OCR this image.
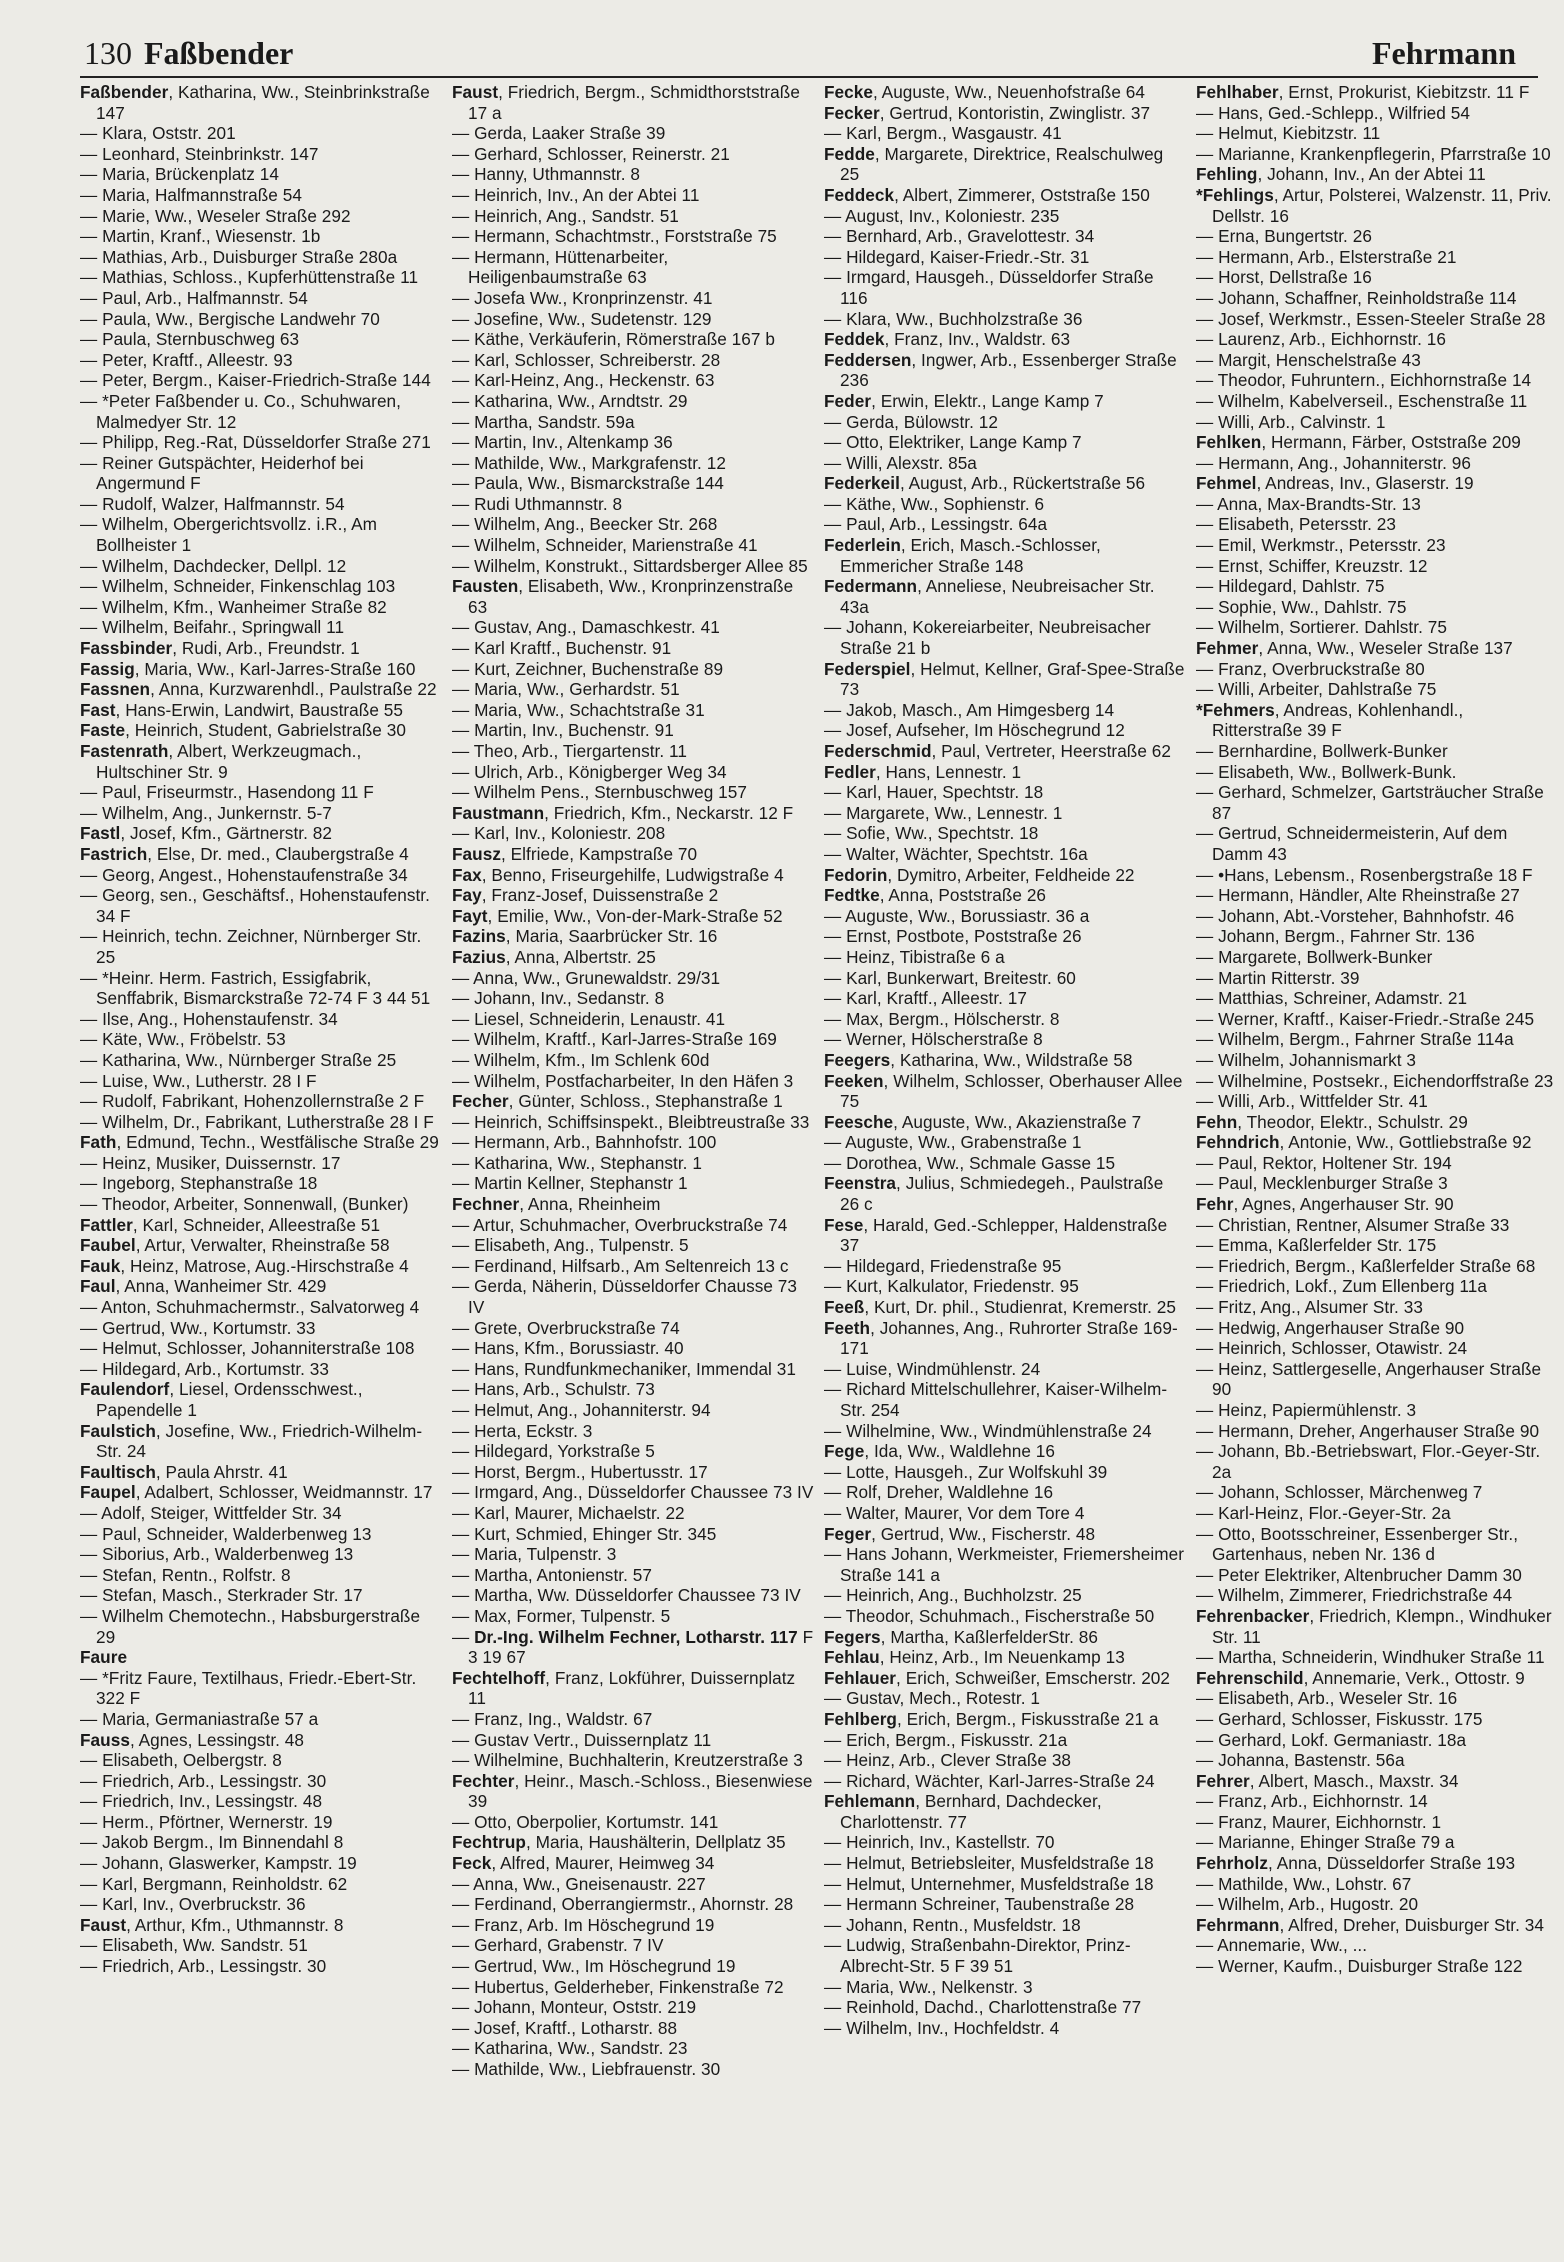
130 Faßbender	Fehrmann

Faßbender, Katharina, Ww., Steinbrinkstraße 147

— Klara, Oststr. 201

— Leonhard, Steinbrinkstr. 147

— Maria, Brückenplatz 14

— Maria, Halfmannstraße 54

— Marie, Ww., Weseler Straße 292

— Martin, Kranf., Wiesenstr. 1b

— Mathias, Arb., Duisburger Straße 280a

— Mathias, Schloss., Kupferhüttenstraße 11

— Paul, Arb., Halfmannstr. 54

— Paula, Ww., Bergische Landwehr 70

— Paula, Sternbuschweg 63

— Peter, Kraftf., Alleestr. 93

— Peter, Bergm., Kaiser-Friedrich-Straße 144

— *Peter Faßbender u. Co., Schuhwaren, Malmedyer Str. 12

— Philipp, Reg.-Rat, Düsseldorfer Straße 271

— Reiner Gutspächter, Heiderhof bei Angermund F

— Rudolf, Walzer, Halfmannstr. 54

— Wilhelm, Obergerichtsvollz. i.R., Am Bollheister 1

— Wilhelm, Dachdecker, Dellpl. 12

— Wilhelm, Schneider, Finkenschlag 103

— Wilhelm, Kfm., Wanheimer Straße 82

— Wilhelm, Beifahr., Springwall 11

Fassbinder, Rudi, Arb., Freundstr. 1

Fassig, Maria, Ww., Karl-Jarres-Straße 160

Fassnen, Anna, Kurzwarenhdl., Paulstraße 22

Fast, Hans-Erwin, Landwirt, Baustraße 55

Faste, Heinrich, Student, Gabrielstraße 30

Fastenrath, Albert, Werkzeugmach., Hultschiner Str. 9

— Paul, Friseurmstr., Hasendong 11 F

— Wilhelm, Ang., Junkernstr. 5-7

Fastl, Josef, Kfm., Gärtnerstr. 82

Fastrich, Else, Dr. med., Claubergstraße 4

— Georg, Angest., Hohenstaufenstraße 34

— Georg, sen., Geschäftsf., Hohenstaufenstr. 34 F

— Heinrich, techn. Zeichner, Nürnberger Str. 25

— *Heinr. Herm. Fastrich, Essigfabrik, Senffabrik, Bismarckstraße 72-74 F 3 44 51

— Ilse, Ang., Hohenstaufenstr. 34

— Käte, Ww., Fröbelstr. 53

— Katharina, Ww., Nürnberger Straße 25

— Luise, Ww., Lutherstr. 28 I F

— Rudolf, Fabrikant, Hohenzollernstraße 2 F

— Wilhelm, Dr., Fabrikant, Lutherstraße 28 I F

Fath, Edmund, Techn., Westfälische Straße 29

— Heinz, Musiker, Duissernstr. 17

— Ingeborg, Stephanstraße 18

— Theodor, Arbeiter, Sonnenwall, (Bunker)

Fattler, Karl, Schneider, Alleestraße 51

Faubel, Artur, Verwalter, Rheinstraße 58

Fauk, Heinz, Matrose, Aug.-Hirschstraße 4

Faul, Anna, Wanheimer Str. 429

— Anton, Schuhmachermstr., Salvatorweg 4

— Gertrud, Ww., Kortumstr. 33

— Helmut, Schlosser, Johanniterstraße 108

— Hildegard, Arb., Kortumstr. 33

Faulendorf, Liesel, Ordensschwest., Papendelle 1

Faulstich, Josefine, Ww., Friedrich-Wilhelm-Str. 24

Faultisch, Paula Ahrstr. 41

Faupel, Adalbert, Schlosser, Weidmannstr. 17

— Adolf, Steiger, Wittfelder Str. 34

— Paul, Schneider, Walderbenweg 13

— Siborius, Arb., Walderbenweg 13

— Stefan, Rentn., Rolfstr. 8

— Stefan, Masch., Sterkrader Str. 17

— Wilhelm Chemotechn., Habsburgerstraße 29

Faure

— *Fritz Faure, Textilhaus, Friedr.-Ebert-Str. 322 F

— Maria, Germaniastraße 57 a

Fauss, Agnes, Lessingstr. 48

— Elisabeth, Oelbergstr. 8

— Friedrich, Arb., Lessingstr. 30

— Friedrich, Inv., Lessingstr. 48

— Herm., Pförtner, Wernerstr. 19

— Jakob Bergm., Im Binnendahl 8

— Johann, Glaswerker, Kampstr. 19

— Karl, Bergmann, Reinholdstr. 62

— Karl, Inv., Overbruckstr. 36

Faust, Arthur, Kfm., Uthmannstr. 8

— Elisabeth, Ww. Sandstr. 51

— Friedrich, Arb., Lessingstr. 30

Faust, Friedrich, Bergm., Schmidthorststraße 17 a

— Gerda, Laaker Straße 39

— Gerhard, Schlosser, Reinerstr. 21

— Hanny, Uthmannstr. 8

— Heinrich, Inv., An der Abtei 11

— Heinrich, Ang., Sandstr. 51

— Hermann, Schachtmstr., Forststraße 75

— Hermann, Hüttenarbeiter, Heiligenbaumstraße 63

— Josefa Ww., Kronprinzenstr. 41

— Josefine, Ww., Sudetenstr. 129

— Käthe, Verkäuferin, Römerstraße 167 b

— Karl, Schlosser, Schreiberstr. 28

— Karl-Heinz, Ang., Heckenstr. 63

— Katharina, Ww., Arndtstr. 29

— Martha, Sandstr. 59a

— Martin, Inv., Altenkamp 36

— Mathilde, Ww., Markgrafenstr. 12

— Paula, Ww., Bismarckstraße 144

— Rudi Uthmannstr. 8

— Wilhelm, Ang., Beecker Str. 268

— Wilhelm, Schneider, Marienstraße 41

— Wilhelm, Konstrukt., Sittardsberger Allee 85

Fausten, Elisabeth, Ww., Kronprinzenstraße 63

— Gustav, Ang., Damaschkestr. 41

— Karl Kraftf., Buchenstr. 91

— Kurt, Zeichner, Buchenstraße 89

— Maria, Ww., Gerhardstr. 51

— Maria, Ww., Schachtstraße 31

— Martin, Inv., Buchenstr. 91

— Theo, Arb., Tiergartenstr. 11

— Ulrich, Arb., Königberger Weg 34

— Wilhelm Pens., Sternbuschweg 157

Faustmann, Friedrich, Kfm., Neckarstr. 12 F

— Karl, Inv., Koloniestr. 208

Fausz, Elfriede, Kampstraße 70

Fax, Benno, Friseurgehilfe, Ludwigstraße 4

Fay, Franz-Josef, Duissenstraße 2

Fayt, Emilie, Ww., Von-der-Mark-Straße 52

Fazins, Maria, Saarbrücker Str. 16

Fazius, Anna, Albertstr. 25

— Anna, Ww., Grunewaldstr. 29/31

— Johann, Inv., Sedanstr. 8

— Liesel, Schneiderin, Lenaustr. 41

— Wilhelm, Kraftf., Karl-Jarres-Straße 169

— Wilhelm, Kfm., Im Schlenk 60d

— Wilhelm, Postfacharbeiter, In den Häfen 3

Fecher, Günter, Schloss., Stephanstraße 1

— Heinrich, Schiffsinspekt., Bleibtreustraße 33

— Hermann, Arb., Bahnhofstr. 100

— Katharina, Ww., Stephanstr. 1

— Martin Kellner, Stephanstr 1

Fechner, Anna, Rheinheim

— Artur, Schuhmacher, Overbruckstraße 74

— Elisabeth, Ang., Tulpenstr. 5

— Ferdinand, Hilfsarb., Am Seltenreich 13 c

— Gerda, Näherin, Düsseldorfer Chausse 73 IV

— Grete, Overbruckstraße 74

— Hans, Kfm., Borussiastr. 40

— Hans, Rundfunkmechaniker, Immendal 31

— Hans, Arb., Schulstr. 73

— Helmut, Ang., Johanniterstr. 94

— Herta, Eckstr. 3

— Hildegard, Yorkstraße 5

— Horst, Bergm., Hubertusstr. 17

— Irmgard, Ang., Düsseldorfer Chaussee 73 IV

— Karl, Maurer, Michaelstr. 22

— Kurt, Schmied, Ehinger Str. 345

— Maria, Tulpenstr. 3

— Martha, Antonienstr. 57

— Martha, Ww. Düsseldorfer Chaussee 73 IV

— Max, Former, Tulpenstr. 5

— Dr.-Ing. Wilhelm Fechner, Lotharstr. 117 F 3 19 67

Fechtelhoff, Franz, Lokführer, Duissernplatz 11

— Franz, Ing., Waldstr. 67

— Gustav Vertr., Duissernplatz 11

— Wilhelmine, Buchhalterin, Kreutzerstraße 3

Fechter, Heinr., Masch.-Schloss., Biesenwiese 39

— Otto, Oberpolier, Kortumstr. 141

Fechtrup, Maria, Haushälterin, Dellplatz 35

Feck, Alfred, Maurer, Heimweg 34

— Anna, Ww., Gneisenaustr. 227

— Ferdinand, Oberrangiermstr., Ahornstr. 28

— Franz, Arb. Im Höschegrund 19

— Gerhard, Grabenstr. 7 IV

— Gertrud, Ww., Im Höschegrund 19

— Hubertus, Gelderheber, Finkenstraße 72

— Johann, Monteur, Oststr. 219

— Josef, Kraftf., Lotharstr. 88

— Katharina, Ww., Sandstr. 23

— Mathilde, Ww., Liebfrauenstr. 30

Fecke, Auguste, Ww., Neuenhofstraße 64

Fecker, Gertrud, Kontoristin, Zwinglistr. 37

— Karl, Bergm., Wasgaustr. 41

Fedde, Margarete, Direktrice, Realschulweg 25

Feddeck, Albert, Zimmerer, Oststraße 150

— August, Inv., Koloniestr. 235

— Bernhard, Arb., Gravelottestr. 34

— Hildegard, Kaiser-Friedr.-Str. 31

— Irmgard, Hausgeh., Düsseldorfer Straße 116

— Klara, Ww., Buchholzstraße 36

Feddek, Franz, Inv., Waldstr. 63

Feddersen, Ingwer, Arb., Essenberger Straße 236

Feder, Erwin, Elektr., Lange Kamp 7

— Gerda, Bülowstr. 12

— Otto, Elektriker, Lange Kamp 7

— Willi, Alexstr. 85a

Federkeil, August, Arb., Rückertstraße 56

— Käthe, Ww., Sophienstr. 6

— Paul, Arb., Lessingstr. 64a

Federlein, Erich, Masch.-Schlosser, Emmericher Straße 148

Federmann, Anneliese, Neubreisacher Str. 43a

— Johann, Kokereiarbeiter, Neubreisacher Straße 21 b

Federspiel, Helmut, Kellner, Graf-Spee-Straße 73

— Jakob, Masch., Am Himgesberg 14

— Josef, Aufseher, Im Höschegrund 12

Federschmid, Paul, Vertreter, Heerstraße 62

Fedler, Hans, Lennestr. 1

— Karl, Hauer, Spechtstr. 18

— Margarete, Ww., Lennestr. 1

— Sofie, Ww., Spechtstr. 18

— Walter, Wächter, Spechtstr. 16a

Fedorin, Dymitro, Arbeiter, Feldheide 22

Fedtke, Anna, Poststraße 26

— Auguste, Ww., Borussiastr. 36 a

— Ernst, Postbote, Poststraße 26

— Heinz, Tibistraße 6 a

— Karl, Bunkerwart, Breitestr. 60

— Karl, Kraftf., Alleestr. 17

— Max, Bergm., Hölscherstr. 8

— Werner, Hölscherstraße 8

Feegers, Katharina, Ww., Wildstraße 58

Feeken, Wilhelm, Schlosser, Oberhauser Allee 75

Feesche, Auguste, Ww., Akazienstraße 7

— Auguste, Ww., Grabenstraße 1

— Dorothea, Ww., Schmale Gasse 15

Feenstra, Julius, Schmiedegeh., Paulstraße 26 c

Fese, Harald, Ged.-Schlepper, Haldenstraße 37

— Hildegard, Friedenstraße 95

— Kurt, Kalkulator, Friedenstr. 95

Feeß, Kurt, Dr. phil., Studienrat, Kremerstr. 25

Feeth, Johannes, Ang., Ruhrorter Straße 169-171

— Luise, Windmühlenstr. 24

— Richard Mittelschullehrer, Kaiser-Wilhelm-Str. 254

— Wilhelmine, Ww., Windmühlenstraße 24

Fege, Ida, Ww., Waldlehne 16

— Lotte, Hausgeh., Zur Wolfskuhl 39

— Rolf, Dreher, Waldlehne 16

— Walter, Maurer, Vor dem Tore 4

Feger, Gertrud, Ww., Fischerstr. 48

— Hans Johann, Werkmeister, Friemersheimer Straße 141 a

— Heinrich, Ang., Buchholzstr. 25

— Theodor, Schuhmach., Fischerstraße 50

Fegers, Martha, KaßlerfelderStr. 86

Fehlau, Heinz, Arb., Im Neuenkamp 13

Fehlauer, Erich, Schweißer, Emscherstr. 202

— Gustav, Mech., Rotestr. 1

Fehlberg, Erich, Bergm., Fiskusstraße 21 a

— Erich, Bergm., Fiskusstr. 21a

— Heinz, Arb., Clever Straße 38

— Richard, Wächter, Karl-Jarres-Straße 24

Fehlemann, Bernhard, Dachdecker, Charlottenstr. 77

— Heinrich, Inv., Kastellstr. 70

— Helmut, Betriebsleiter, Musfeldstraße 18

— Helmut, Unternehmer, Musfeldstraße 18

— Hermann Schreiner, Taubenstraße 28

— Johann, Rentn., Musfeldstr. 18

— Ludwig, Straßenbahn-Direktor, Prinz-Albrecht-Str. 5 F 39 51

— Maria, Ww., Nelkenstr. 3

— Reinhold, Dachd., Charlottenstraße 77

— Wilhelm, Inv., Hochfeldstr. 4

Fehlhaber, Ernst, Prokurist, Kiebitzstr. 11 F

— Hans, Ged.-Schlepp., Wilfried 54

— Helmut, Kiebitzstr. 11

— Marianne, Krankenpflegerin, Pfarrstraße 10

Fehling, Johann, Inv., An der Abtei 11

*Fehlings, Artur, Polsterei, Walzenstr. 11, Priv. Dellstr. 16

— Erna, Bungertstr. 26

— Hermann, Arb., Elsterstraße 21

— Horst, Dellstraße 16

— Johann, Schaffner, Reinholdstraße 114

— Josef, Werkmstr., Essen-Steeler Straße 28

— Laurenz, Arb., Eichhornstr. 16

— Margit, Henschelstraße 43

— Theodor, Fuhruntern., Eichhornstraße 14

— Wilhelm, Kabelverseil., Eschenstraße 11

— Willi, Arb., Calvinstr. 1

Fehlken, Hermann, Färber, Oststraße 209

— Hermann, Ang., Johanniterstr. 96

Fehmel, Andreas, Inv., Glaserstr. 19

— Anna, Max-Brandts-Str. 13

— Elisabeth, Petersstr. 23

— Emil, Werkmstr., Petersstr. 23

— Ernst, Schiffer, Kreuzstr. 12

— Hildegard, Dahlstr. 75

— Sophie, Ww., Dahlstr. 75

— Wilhelm, Sortierer. Dahlstr. 75

Fehmer, Anna, Ww., Weseler Straße 137

— Franz, Overbruckstraße 80

— Willi, Arbeiter, Dahlstraße 75

*Fehmers, Andreas, Kohlenhandl., Ritterstraße 39 F

— Bernhardine, Bollwerk-Bunker

— Elisabeth, Ww., Bollwerk-Bunk.

— Gerhard, Schmelzer, Gartsträucher Straße 87

— Gertrud, Schneidermeisterin, Auf dem Damm 43

— •Hans, Lebensm., Rosenbergstraße 18 F

— Hermann, Händler, Alte Rheinstraße 27

— Johann, Abt.-Vorsteher, Bahnhofstr. 46

— Johann, Bergm., Fahrner Str. 136

— Margarete, Bollwerk-Bunker

— Martin Ritterstr. 39

— Matthias, Schreiner, Adamstr. 21

— Werner, Kraftf., Kaiser-Friedr.-Straße 245

— Wilhelm, Bergm., Fahrner Straße 114a

— Wilhelm, Johannismarkt 3

— Wilhelmine, Postsekr., Eichendorffstraße 23

— Willi, Arb., Wittfelder Str. 41

Fehn, Theodor, Elektr., Schulstr. 29

Fehndrich, Antonie, Ww., Gottliebstraße 92

— Paul, Rektor, Holtener Str. 194

— Paul, Mecklenburger Straße 3

Fehr, Agnes, Angerhauser Str. 90

— Christian, Rentner, Alsumer Straße 33

— Emma, Kaßlerfelder Str. 175

— Friedrich, Bergm., Kaßlerfelder Straße 68

— Friedrich, Lokf., Zum Ellenberg 11a

— Fritz, Ang., Alsumer Str. 33

— Hedwig, Angerhauser Straße 90

— Heinrich, Schlosser, Otawistr. 24

— Heinz, Sattlergeselle, Angerhauser Straße 90

— Heinz, Papiermühlenstr. 3

— Hermann, Dreher, Angerhauser Straße 90

— Johann, Bb.-Betriebswart, Flor.-Geyer-Str. 2a

— Johann, Schlosser, Märchenweg 7

— Karl-Heinz, Flor.-Geyer-Str. 2a

— Otto, Bootsschreiner, Essenberger Str., Gartenhaus, neben Nr. 136 d

— Peter Elektriker, Altenbrucher Damm 30

— Wilhelm, Zimmerer, Friedrichstraße 44

Fehrenbacker, Friedrich, Klempn., Windhuker Str. 11

— Martha, Schneiderin, Windhuker Straße 11

Fehrenschild, Annemarie, Verk., Ottostr. 9

— Elisabeth, Arb., Weseler Str. 16

— Gerhard, Schlosser, Fiskusstr. 175

— Gerhard, Lokf. Germaniastr. 18a

— Johanna, Bastenstr. 56a

Fehrer, Albert, Masch., Maxstr. 34

— Franz, Arb., Eichhornstr. 14

— Franz, Maurer, Eichhornstr. 1

— Marianne, Ehinger Straße 79 a

Fehrholz, Anna, Düsseldorfer Straße 193

— Mathilde, Ww., Lohstr. 67

— Wilhelm, Arb., Hugostr. 20

Fehrmann, Alfred, Dreher, Duisburger Str. 34

— Annemarie, Ww., ...

— Werner, Kaufm., Duisburger Straße 122
